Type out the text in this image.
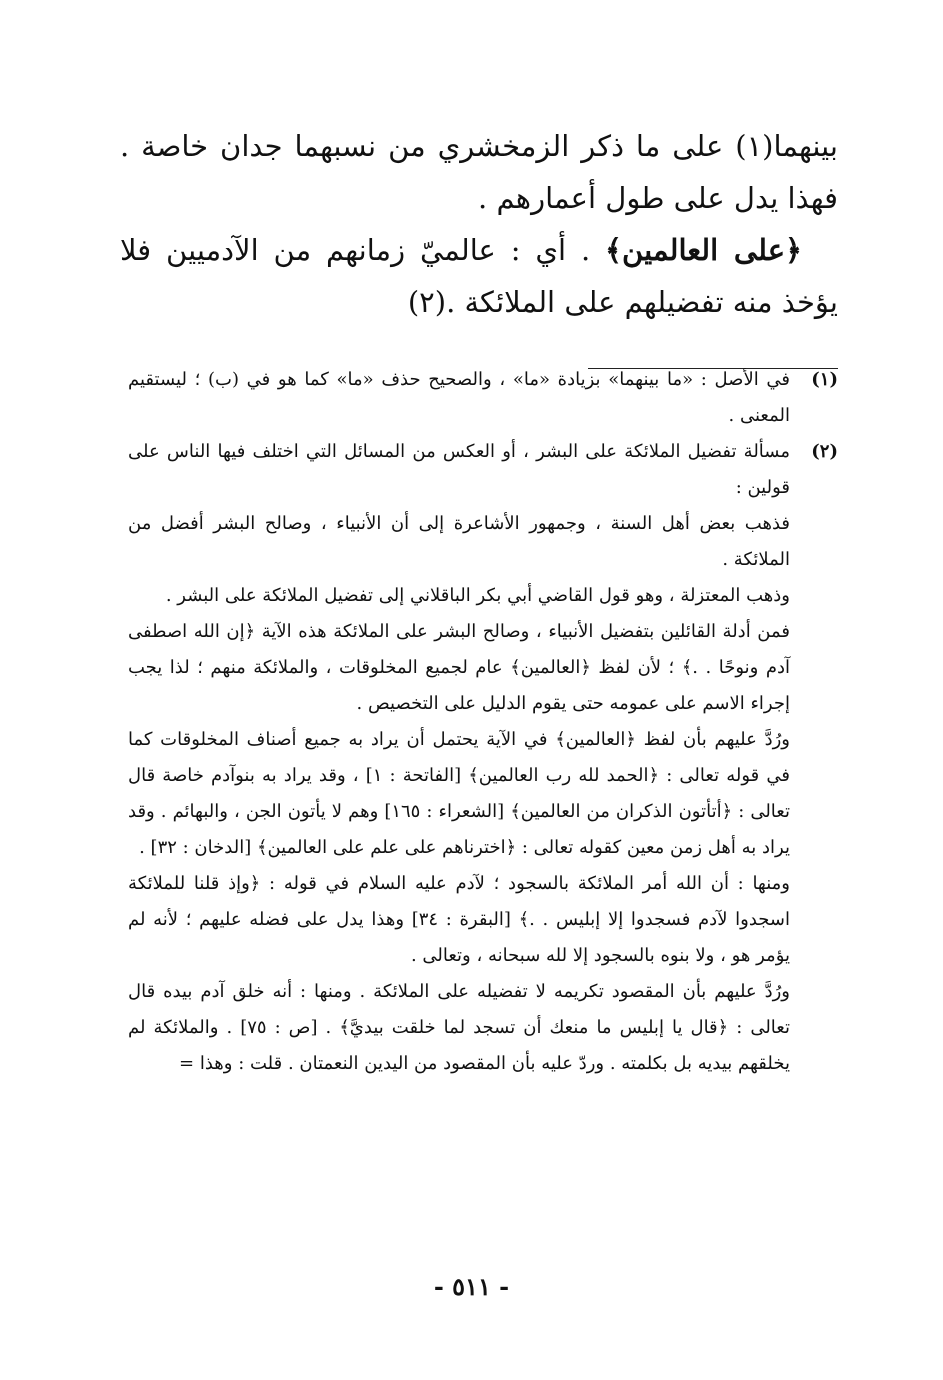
بينهما(١) على ما ذكر الزمخشري من نسبهما جدان خاصة . فهذا يدل على طول أعمارهم .

﴿على العالمين﴾ . أي : عالميّ زمانهم من الآدميين فلا يؤخذ منه تفضيلهم على الملائكة .(٢)

(١)

في الأصل : «ما بينهما» بزيادة «ما» ، والصحيح حذف «ما» كما هو في (ب) ؛ ليستقيم المعنى .

(٢)

مسألة تفضيل الملائكة على البشر ، أو العكس من المسائل التي اختلف فيها الناس على قولين :

فذهب بعض أهل السنة ، وجمهور الأشاعرة إلى أن الأنبياء ، وصالح البشر أفضل من الملائكة .

وذهب المعتزلة ، وهو قول القاضي أبي بكر الباقلاني إلى تفضيل الملائكة على البشر .

فمن أدلة القائلين بتفضيل الأنبياء ، وصالح البشر على الملائكة هذه الآية ﴿إن الله اصطفى آدم ونوحًا . .﴾ ؛ لأن لفظ ﴿العالمين﴾ عام لجميع المخلوقات ، والملائكة منهم ؛ لذا يجب إجراء الاسم على عمومه حتى يقوم الدليل على التخصيص .

ورُدَّ عليهم بأن لفظ ﴿العالمين﴾ في الآية يحتمل أن يراد به جميع أصناف المخلوقات كما في قوله تعالى : ﴿الحمد لله رب العالمين﴾ [الفاتحة : ١] ، وقد يراد به بنوآدم خاصة قال تعالى : ﴿أتأتون الذكران من العالمين﴾ [الشعراء : ١٦٥] وهم لا يأتون الجن ، والبهائم . وقد يراد به أهل زمن معين كقوله تعالى : ﴿اخترناهم على علم على العالمين﴾ [الدخان : ٣٢] .

ومنها : أن الله أمر الملائكة بالسجود ؛ لآدم عليه السلام في قوله : ﴿وإذ قلنا للملائكة اسجدوا لآدم فسجدوا إلا إبليس . .﴾ [البقرة : ٣٤] وهذا يدل على فضله عليهم ؛ لأنه لم يؤمر هو ، ولا بنوه بالسجود إلا لله سبحانه ، وتعالى .

ورُدَّ عليهم بأن المقصود تكريمه لا تفضيله على الملائكة . ومنها : أنه خلق آدم بيده قال تعالى : ﴿قال يا إبليس ما منعك أن تسجد لما خلقت بيديَّ﴾ . [ص : ٧٥] . والملائكة لم يخلقهم بيديه بل بكلمته . وردّ عليه بأن المقصود من اليدين النعمتان . قلت : وهذا =

- ٥١١ -
